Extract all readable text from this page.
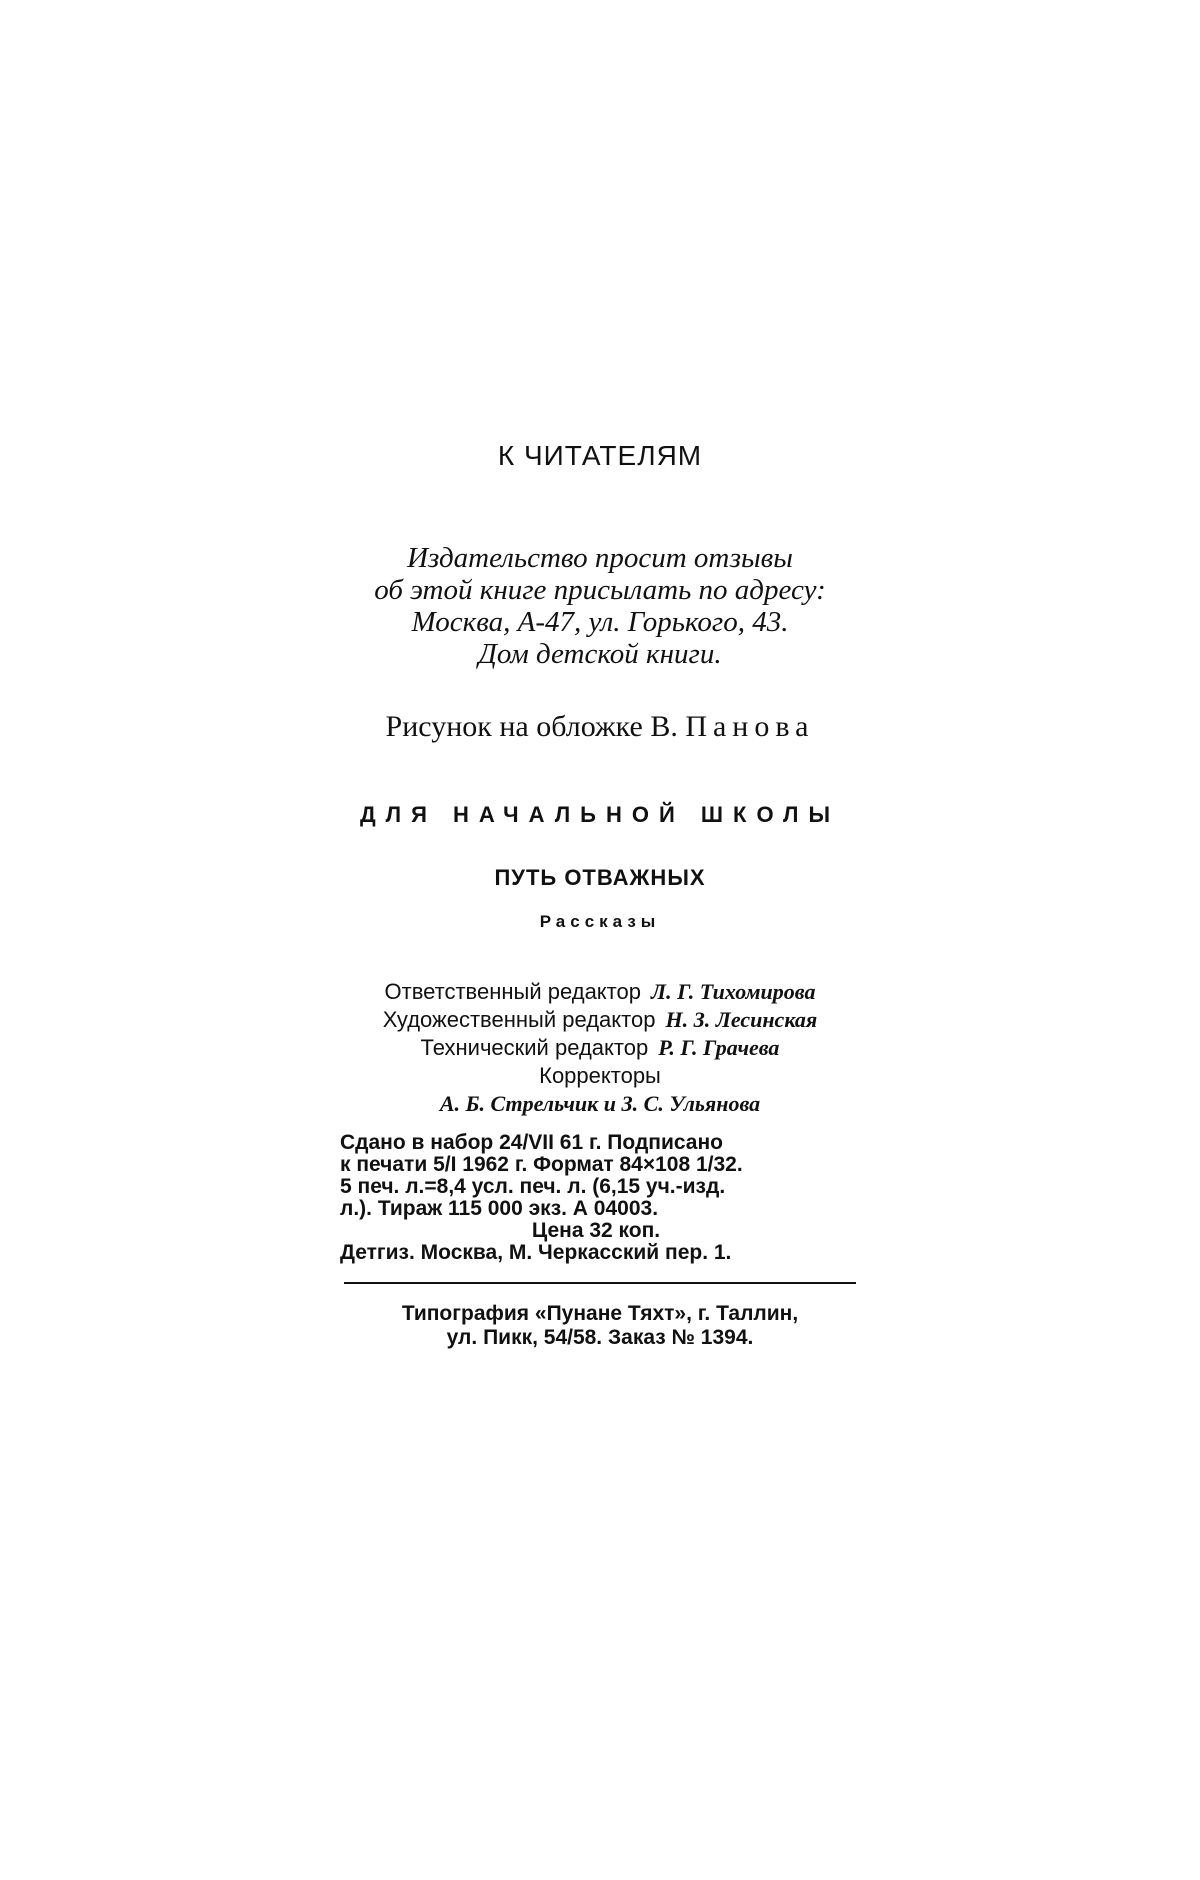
К ЧИТАТЕЛЯМ
Издательство просит отзывы
об этой книге присылать по адресу:
Москва, А-47, ул. Горького, 43.
Дом детской книги.
Рисунок на обложке В. Панова
ДЛЯ НАЧАЛЬНОЙ ШКОЛЫ
ПУТЬ ОТВАЖНЫХ
Рассказы
Ответственный редактор Л. Г. Тихомирова
Художественный редактор Н. З. Лесинская
Технический редактор Р. Г. Грачева
Корректоры
А. Б. Стрельчик и З. С. Ульянова
Сдано в набор 24/VII 61 г. Подписано
к печати 5/I 1962 г. Формат 84×108 1/32.
5 печ. л.=8,4 усл. печ. л. (6,15 уч.-изд.
л.). Тираж 115 000 экз. А 04003.
Цена 32 коп.
Детгиз. Москва, М. Черкасский пер. 1.
Типография «Пунане Тяхт», г. Таллин,
ул. Пикк, 54/58. Заказ № 1394.
